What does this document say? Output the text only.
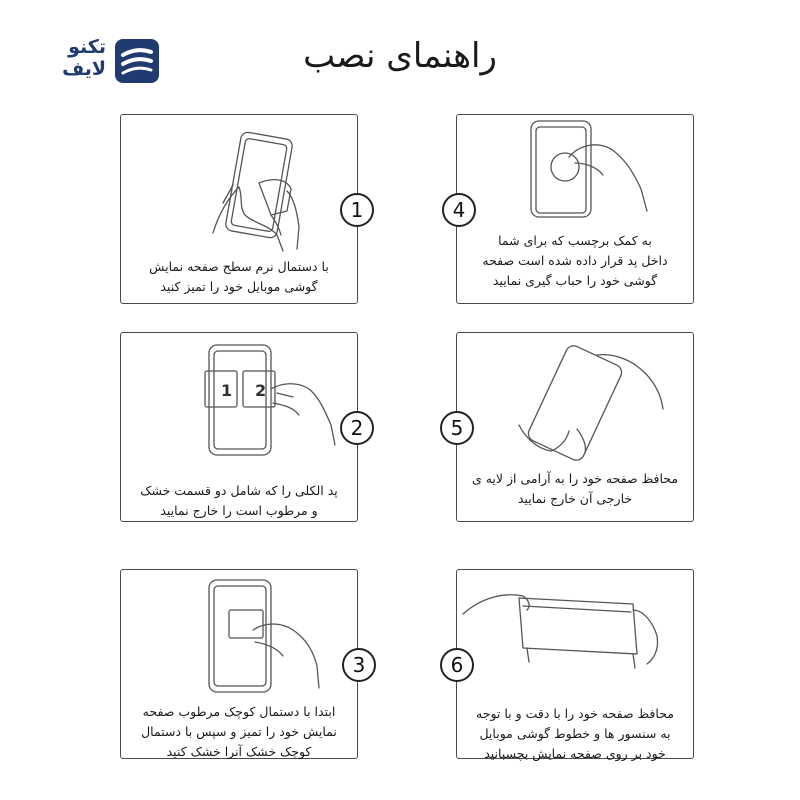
تکنو
لایف	راهنمای نصب
با دستمال نرم سطح صفحه نمایش
گوشی موبایل خود را تمیز کنید
1
1 2
پد الکلی را که شامل دو قسمت خشک
و مرطوب است را خارج نمایید
2
ابتدا با دستمال کوچک مرطوب صفحه
نمایش خود را تمیز و سپس با دستمال
کوچک خشک آنرا خشک کنید
3
به کمک برچسب که برای شما
داخل پد قرار داده شده است صفحه
گوشی خود را حباب گیری نمایید
4
محافظ صفحه خود را به آرامی از لایه ی
خارجی آن خارج نمایید
5
محافظ صفحه خود را با دقت و با توجه
به سنسور ها و خطوط گوشی موبایل
خود بر روی صفحه نمایش بچسبانید
6
